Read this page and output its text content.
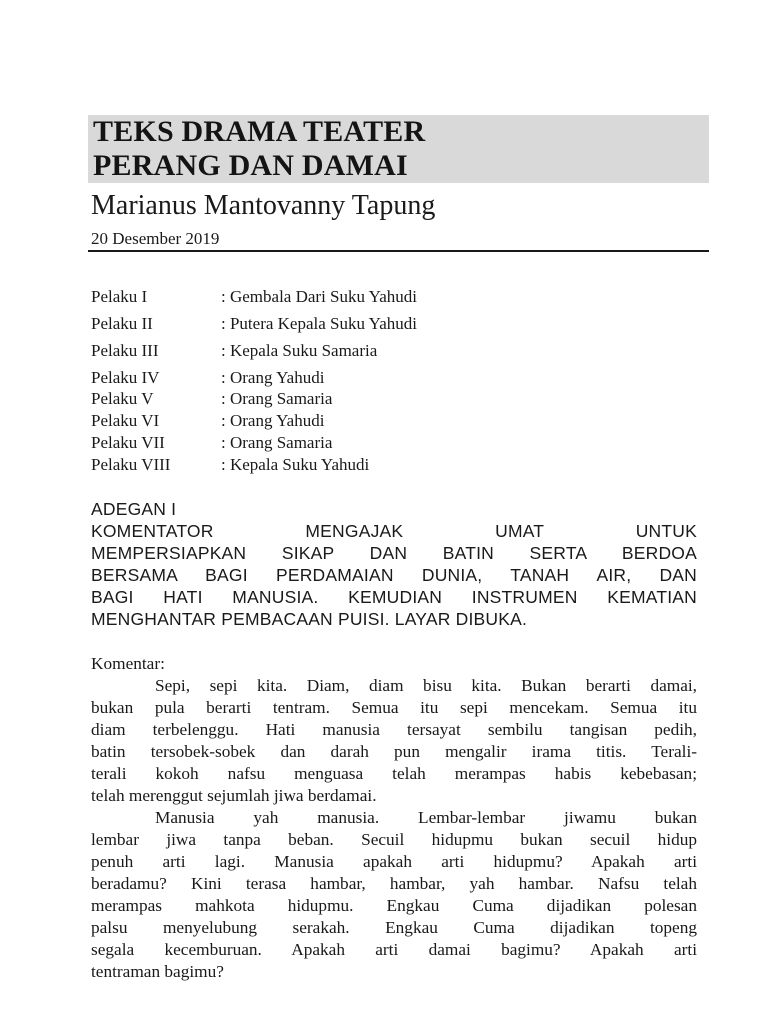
TEKS DRAMA TEATER
PERANG DAN DAMAI
Marianus Mantovanny Tapung
20 Desember 2019
Pelaku I	: Gembala Dari Suku Yahudi
Pelaku II	: Putera Kepala Suku Yahudi
Pelaku III	: Kepala Suku Samaria
Pelaku IV	: Orang Yahudi
Pelaku V	: Orang Samaria
Pelaku VI	: Orang Yahudi
Pelaku VII	: Orang Samaria
Pelaku VIII	: Kepala Suku Yahudi
ADEGAN I
KOMENTATOR MENGAJAK UMAT UNTUK
MEMPERSIAPKAN SIKAP DAN BATIN SERTA BERDOA
BERSAMA BAGI PERDAMAIAN DUNIA, TANAH AIR, DAN
BAGI HATI MANUSIA. KEMUDIAN INSTRUMEN KEMATIAN
MENGHANTAR PEMBACAAN PUISI. LAYAR DIBUKA.
Komentar:
Sepi, sepi kita. Diam, diam bisu kita. Bukan berarti damai,
bukan pula berarti tentram. Semua itu sepi mencekam. Semua itu
diam terbelenggu. Hati manusia tersayat sembilu tangisan pedih,
batin tersobek-sobek dan darah pun mengalir irama titis. Terali-
terali kokoh nafsu menguasa telah merampas habis kebebasan;
telah merenggut sejumlah jiwa berdamai.
Manusia yah manusia. Lembar-lembar jiwamu bukan
lembar jiwa tanpa beban. Secuil hidupmu bukan secuil hidup
penuh arti lagi. Manusia apakah arti hidupmu? Apakah arti
beradamu? Kini terasa hambar, hambar, yah hambar. Nafsu telah
merampas mahkota hidupmu. Engkau Cuma dijadikan polesan
palsu menyelubung serakah. Engkau Cuma dijadikan topeng
segala kecemburuan. Apakah arti damai bagimu? Apakah arti
tentraman bagimu?
